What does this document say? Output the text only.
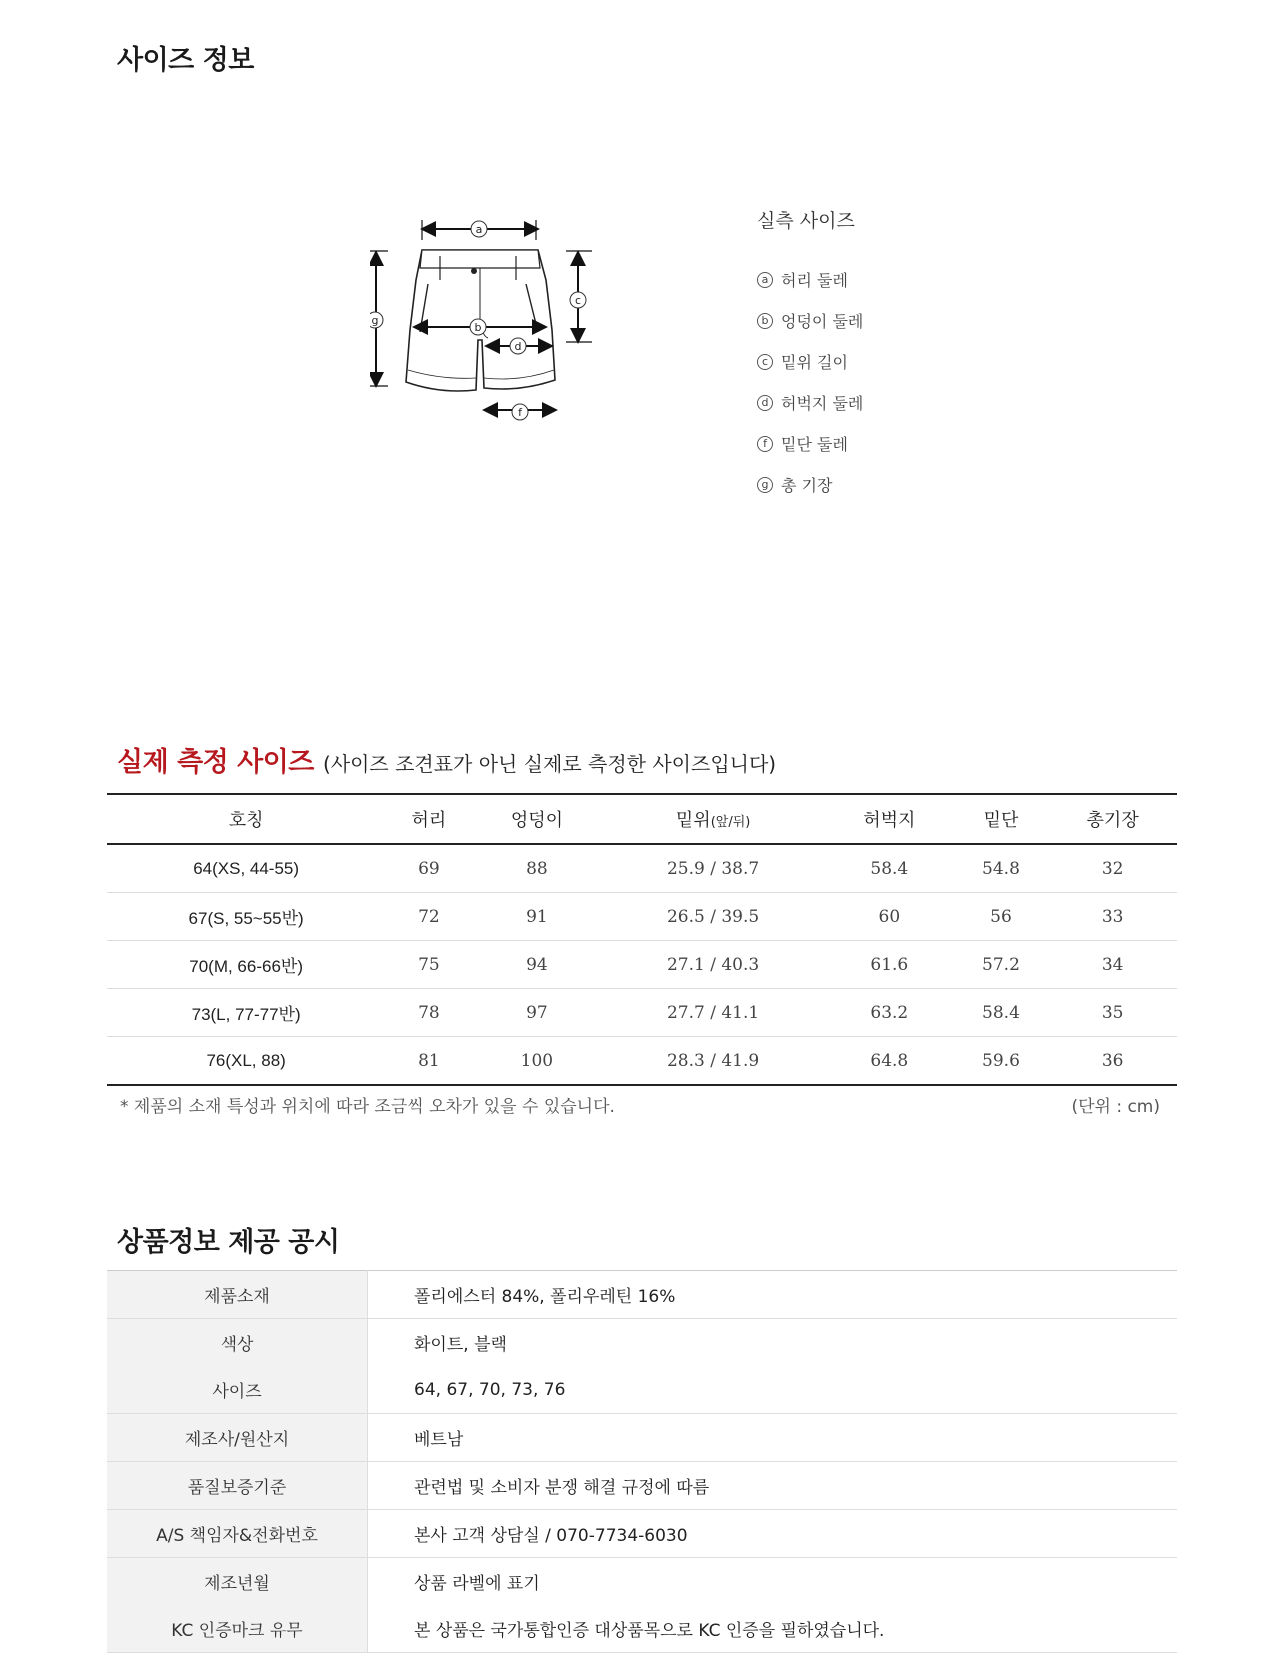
사이즈 정보
a
g
c
b
d
f
실측 사이즈
a 허리 둘레
b 엉덩이 둘레
c 밑위 길이
d 허벅지 둘레
f 밑단 둘레
g 총 기장
실제 측정 사이즈 (사이즈 조견표가 아닌 실제로 측정한 사이즈입니다)
호칭	허리	엉덩이	밑위(앞/뒤)	허벅지	밑단	총기장
64(XS, 44-55)	69	88	25.9 / 38.7	58.4	54.8	32
67(S, 55~55반)	72	91	26.5 / 39.5	60	56	33
70(M, 66-66반)	75	94	27.1 / 40.3	61.6	57.2	34
73(L, 77-77반)	78	97	27.7 / 41.1	63.2	58.4	35
76(XL, 88)	81	100	28.3 / 41.9	64.8	59.6	36
* 제품의 소재 특성과 위치에 따라 조금씩 오차가 있을 수 있습니다.	(단위 : cm)
상품정보 제공 공시
제품소재	폴리에스터 84%, 폴리우레틴 16%
색상	화이트, 블랙
사이즈	64, 67, 70, 73, 76
제조사/원산지	베트남
품질보증기준	관련법 및 소비자 분쟁 해결 규정에 따름
A/S 책임자&전화번호	본사 고객 상담실 / 070-7734-6030
제조년월	상품 라벨에 표기
KC 인증마크 유무	본 상품은 국가통합인증 대상품목으로 KC 인증을 필하였습니다.
